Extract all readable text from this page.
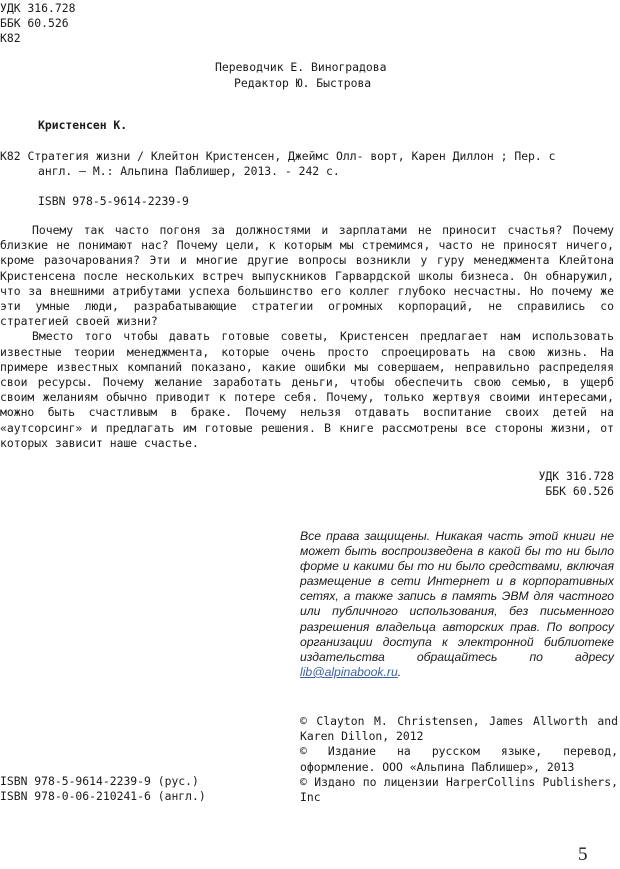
УДК 316.728
ББК 60.526
К82
Переводчик Е. Виноградова
Редактор Ю. Быстрова
Кристенсен К.
К82 Стратегия жизни / Клейтон Кристенсен, Джеймс Олл- ворт, Карен Диллон ; Пер. с
англ. — М.: Альпина Паблишер, 2013. - 242 с.
ISBN 978-5-9614-2239-9

Почему так часто погоня за должностями и зарплатами не приносит счастья? Почему близкие не понимают нас? Почему цели, к которым мы стремимся, часто не приносят ничего, кроме разочарования? Эти и многие другие вопросы возникли у гуру менеджмента Клейтона Кристенсена после нескольких встреч выпускников Гарвардской школы бизнеса. Он обнаружил, что за внешними атрибутами успеха большинство его коллег глубоко несчастны. Но почему же эти умные люди, разрабатывающие стратегии огромных корпораций, не справились со стратегией своей жизни?

Вместо того чтобы давать готовые советы, Кристенсен предлагает нам использовать известные теории менеджмента, которые очень просто спроецировать на свою жизнь. На примере известных компаний показано, какие ошибки мы совершаем, неправильно распределяя свои ресурсы. Почему желание заработать деньги, чтобы обеспечить свою семью, в ущерб своим желаниям обычно приводит к потере себя. Почему, только жертвуя своими интересами, можно быть счастливым в браке. Почему нельзя отдавать воспитание своих детей на «аутсорсинг» и предлагать им готовые решения. В книге рассмотрены все стороны жизни, от которых зависит наше счастье.

УДК 316.728
ББК 60.526
Все права защищены. Никакая часть этой книги не может быть воспроизведена в какой бы то ни было форме и какими бы то ни было средствами, включая размещение в сети Интернет и в корпоративных сетях, а также запись в память ЭВМ для частного или публичного использования, без письменного разрешения владельца авторских прав. По вопросу организации доступа к электронной библиотеке издательства обращайтесь по адресу lib@alpinabook.ru.
© Clayton M. Christensen, James Allworth and Karen Dillon, 2012
© Издание на русском языке, перевод, оформление. ООО «Альпина Паблишер», 2013
© Издано по лицензии HarperCollins Publishers, Inc
ISBN 978-5-9614-2239-9 (рус.)
ISBN 978-0-06-210241-6 (англ.)
5
